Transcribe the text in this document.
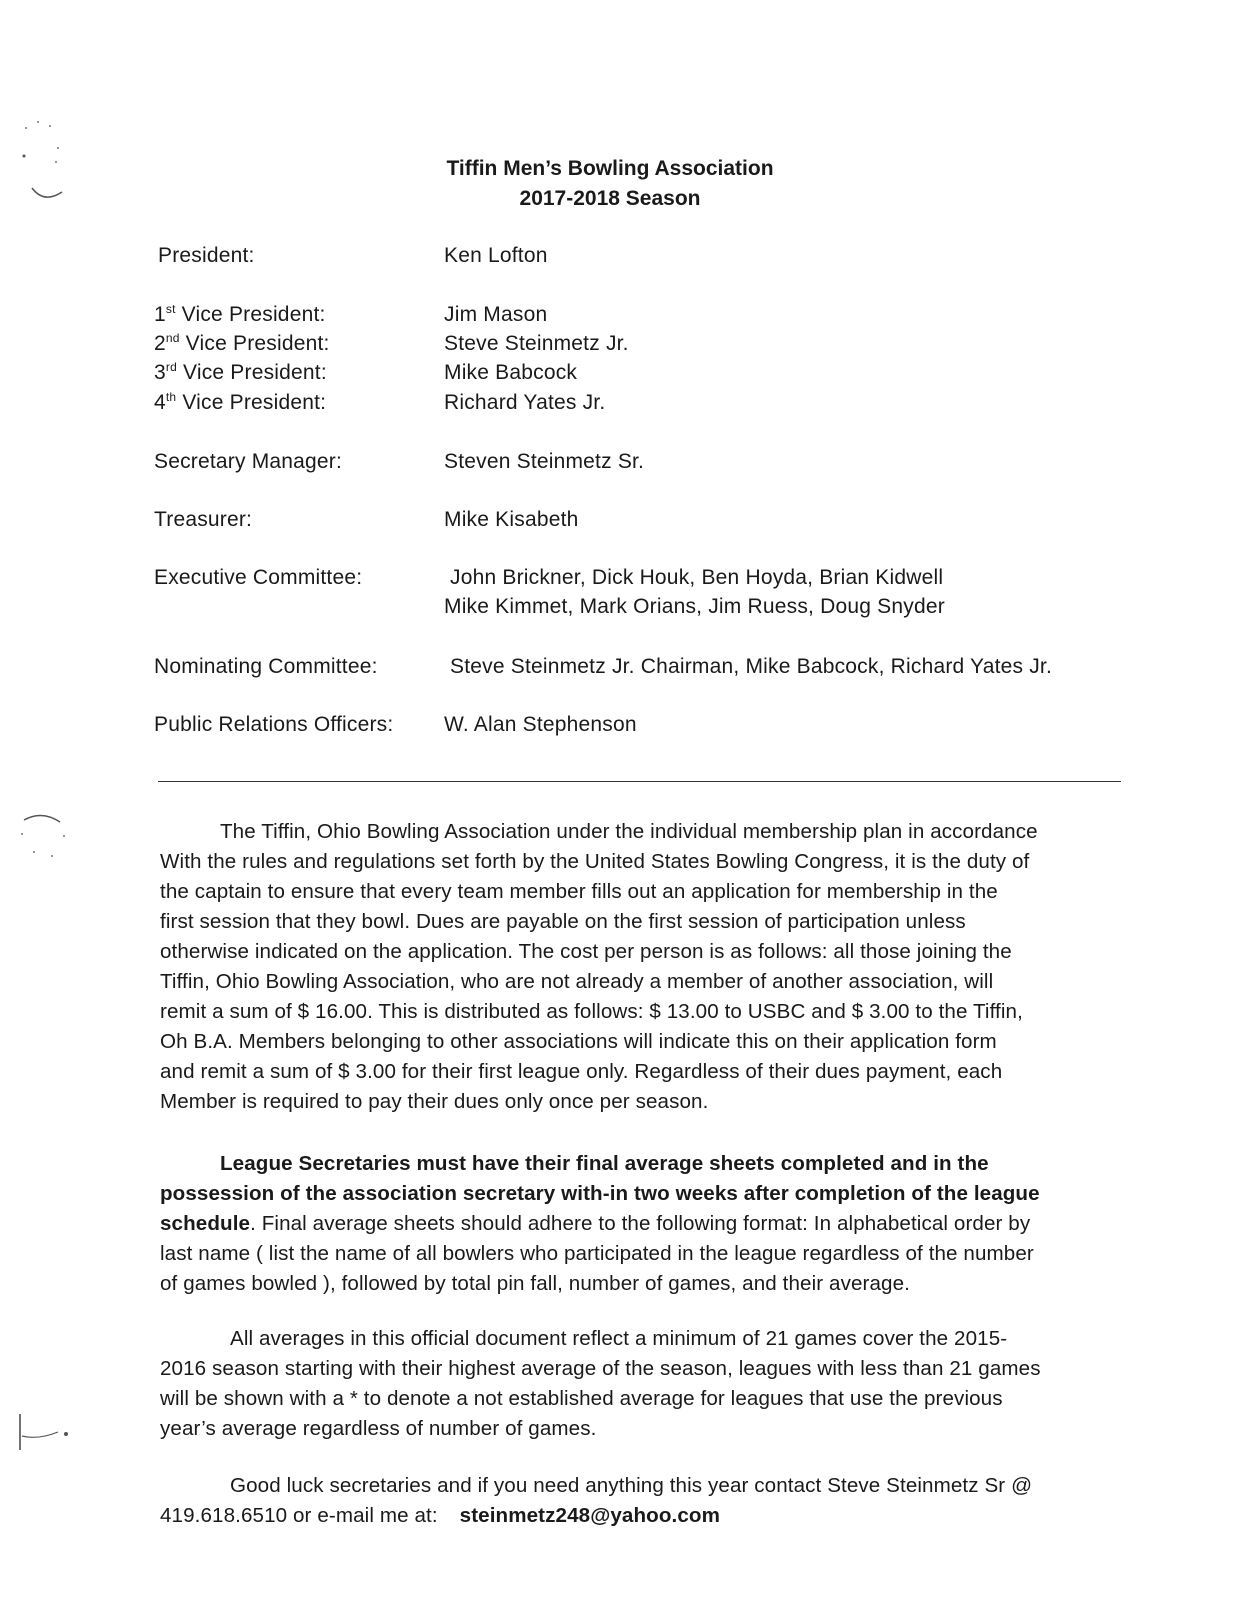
Tiffin Men’s Bowling Association
2017-2018 Season
President:	Ken Lofton
1st Vice President:	Jim Mason
2nd Vice President:	Steve Steinmetz Jr.
3rd Vice President:	Mike Babcock
4th Vice President:	Richard Yates Jr.
Secretary Manager:	Steven Steinmetz Sr.
Treasurer:	Mike Kisabeth
Executive Committee:	John Brickner, Dick Houk, Ben Hoyda, Brian Kidwell
Mike Kimmet, Mark Orians, Jim Ruess, Doug Snyder
Nominating Committee:	Steve Steinmetz Jr. Chairman, Mike Babcock, Richard Yates Jr.
Public Relations Officers: W. Alan Stephenson
The Tiffin, Ohio Bowling Association under the individual membership plan in accordance
With the rules and regulations set forth by the United States Bowling Congress, it is the duty of
the captain to ensure that every team member fills out an application for membership in the
first session that they bowl. Dues are payable on the first session of participation unless
otherwise indicated on the application. The cost per person is as follows: all those joining the
Tiffin, Ohio Bowling Association, who are not already a member of another association, will
remit a sum of $ 16.00. This is distributed as follows: $ 13.00 to USBC and $ 3.00 to the Tiffin,
Oh B.A. Members belonging to other associations will indicate this on their application form
and remit a sum of $ 3.00 for their first league only. Regardless of their dues payment, each
Member is required to pay their dues only once per season.
League Secretaries must have their final average sheets completed and in the
possession of the association secretary with-in two weeks after completion of the league
schedule. Final average sheets should adhere to the following format: In alphabetical order by
last name ( list the name of all bowlers who participated in the league regardless of the number
of games bowled ), followed by total pin fall, number of games, and their average.
All averages in this official document reflect a minimum of 21 games cover the 2015-
2016 season starting with their highest average of the season, leagues with less than 21 games
will be shown with a * to denote a not established average for leagues that use the previous
year’s average regardless of number of games.
Good luck secretaries and if you need anything this year contact Steve Steinmetz Sr @
419.618.6510 or e-mail me at: steinmetz248@yahoo.com
